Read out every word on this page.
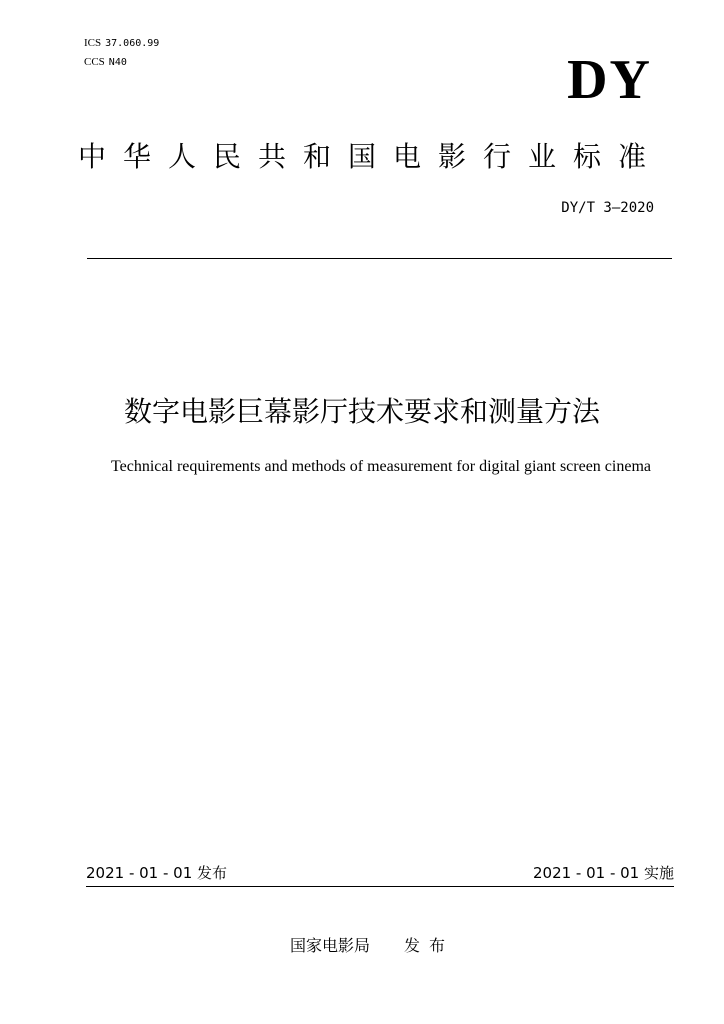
ICS 37.060.99
CCS N40	DY
中华人民共和国电影行业标准
DY/T 3—2020
数字电影巨幕影厅技术要求和测量方法
Technical requirements and methods of measurement for digital giant screen cinema
2021 - 01 - 01 发布	2021 - 01 - 01 实施
国家电影局 发布
